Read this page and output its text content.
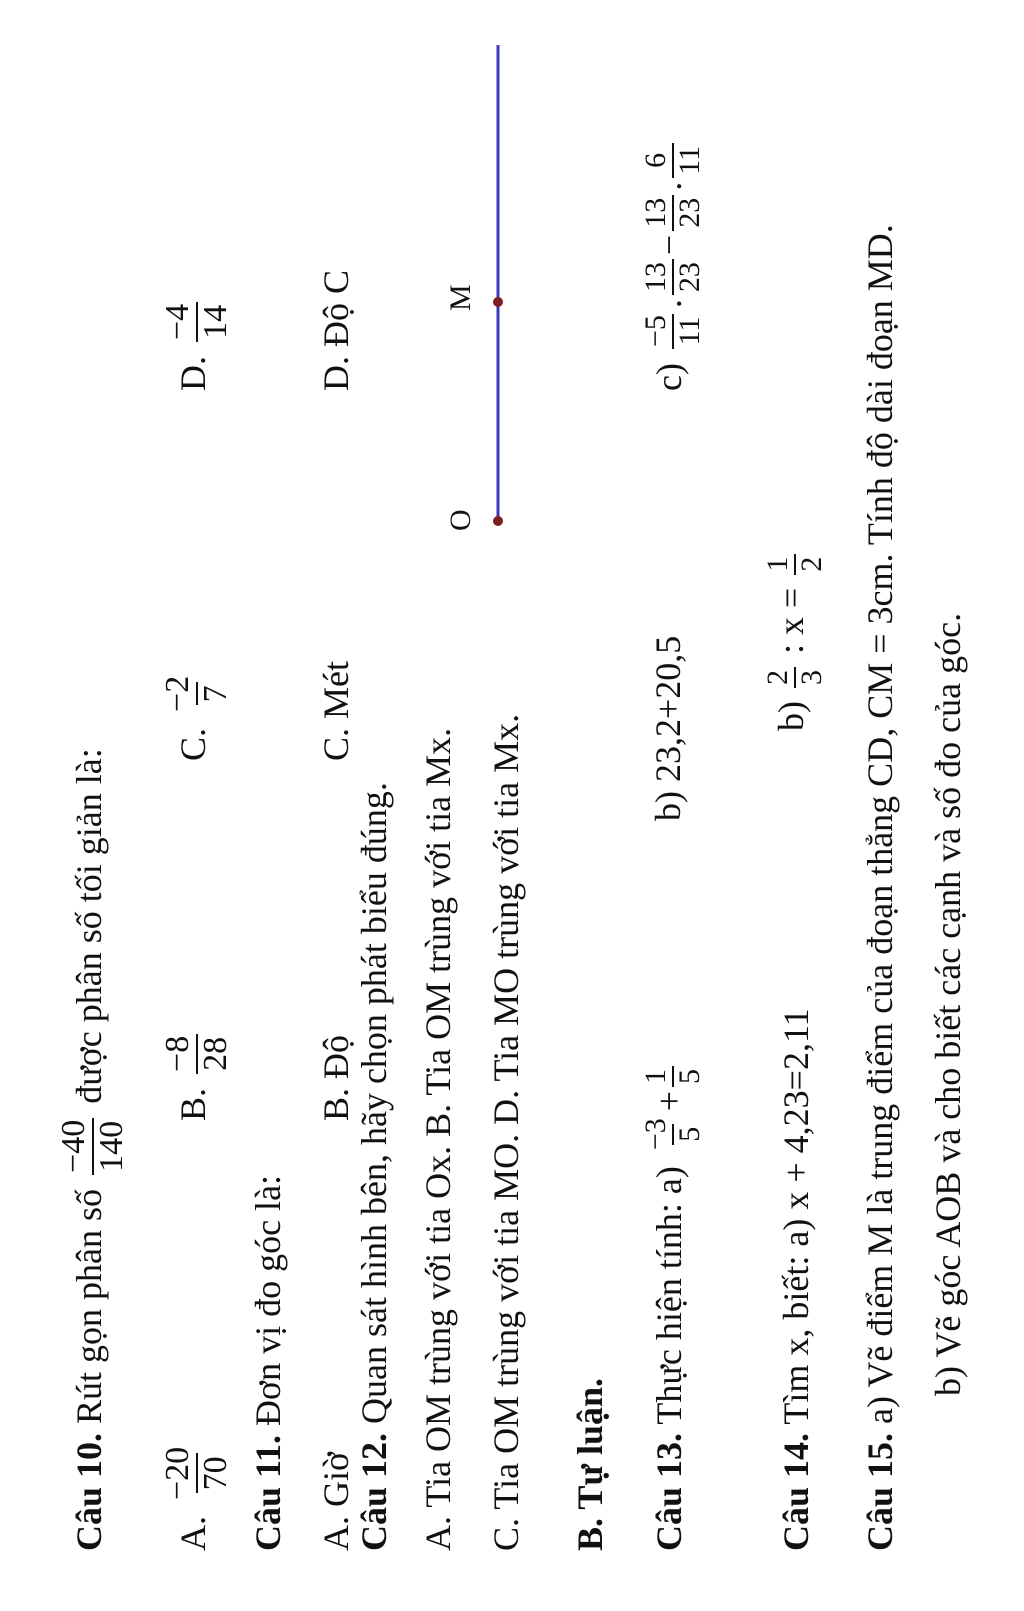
Câu 10. Rút gọn phân số
−40 140
được phân số tối giản là:
A.
−20 70
B.
−8 28
C.
−2 7
D.
−4 14
Câu 11. Đơn vị đo góc là:
A. Giờ
B. Độ
C. Mét
D. Độ C
Câu 12. Quan sát hình bên, hãy chọn phát biểu đúng. A. Tia OM trùng với tia Ox. B. Tia OM trùng với tia Mx. C. Tia OM trùng với tia MO. D. Tia MO trùng với tia Mx.
O
M
B. Tự luận. Câu 13. Thực hiện tính: a)
−3 5
+
1 5
b) 23,2+20,5
c)
−5 11
.
13 23
−
13 23
.
6 11
Câu 14. Tìm x, biết: a) x + 4,23=2,11
b)
2 3
: x =
1 2
Câu 15. a) Vẽ điểm M là trung điểm của đoạn thẳng CD, CM = 3cm. Tính độ dài đoạn MD. b) Vẽ góc AOB và cho biết các cạnh và số đo của góc.
